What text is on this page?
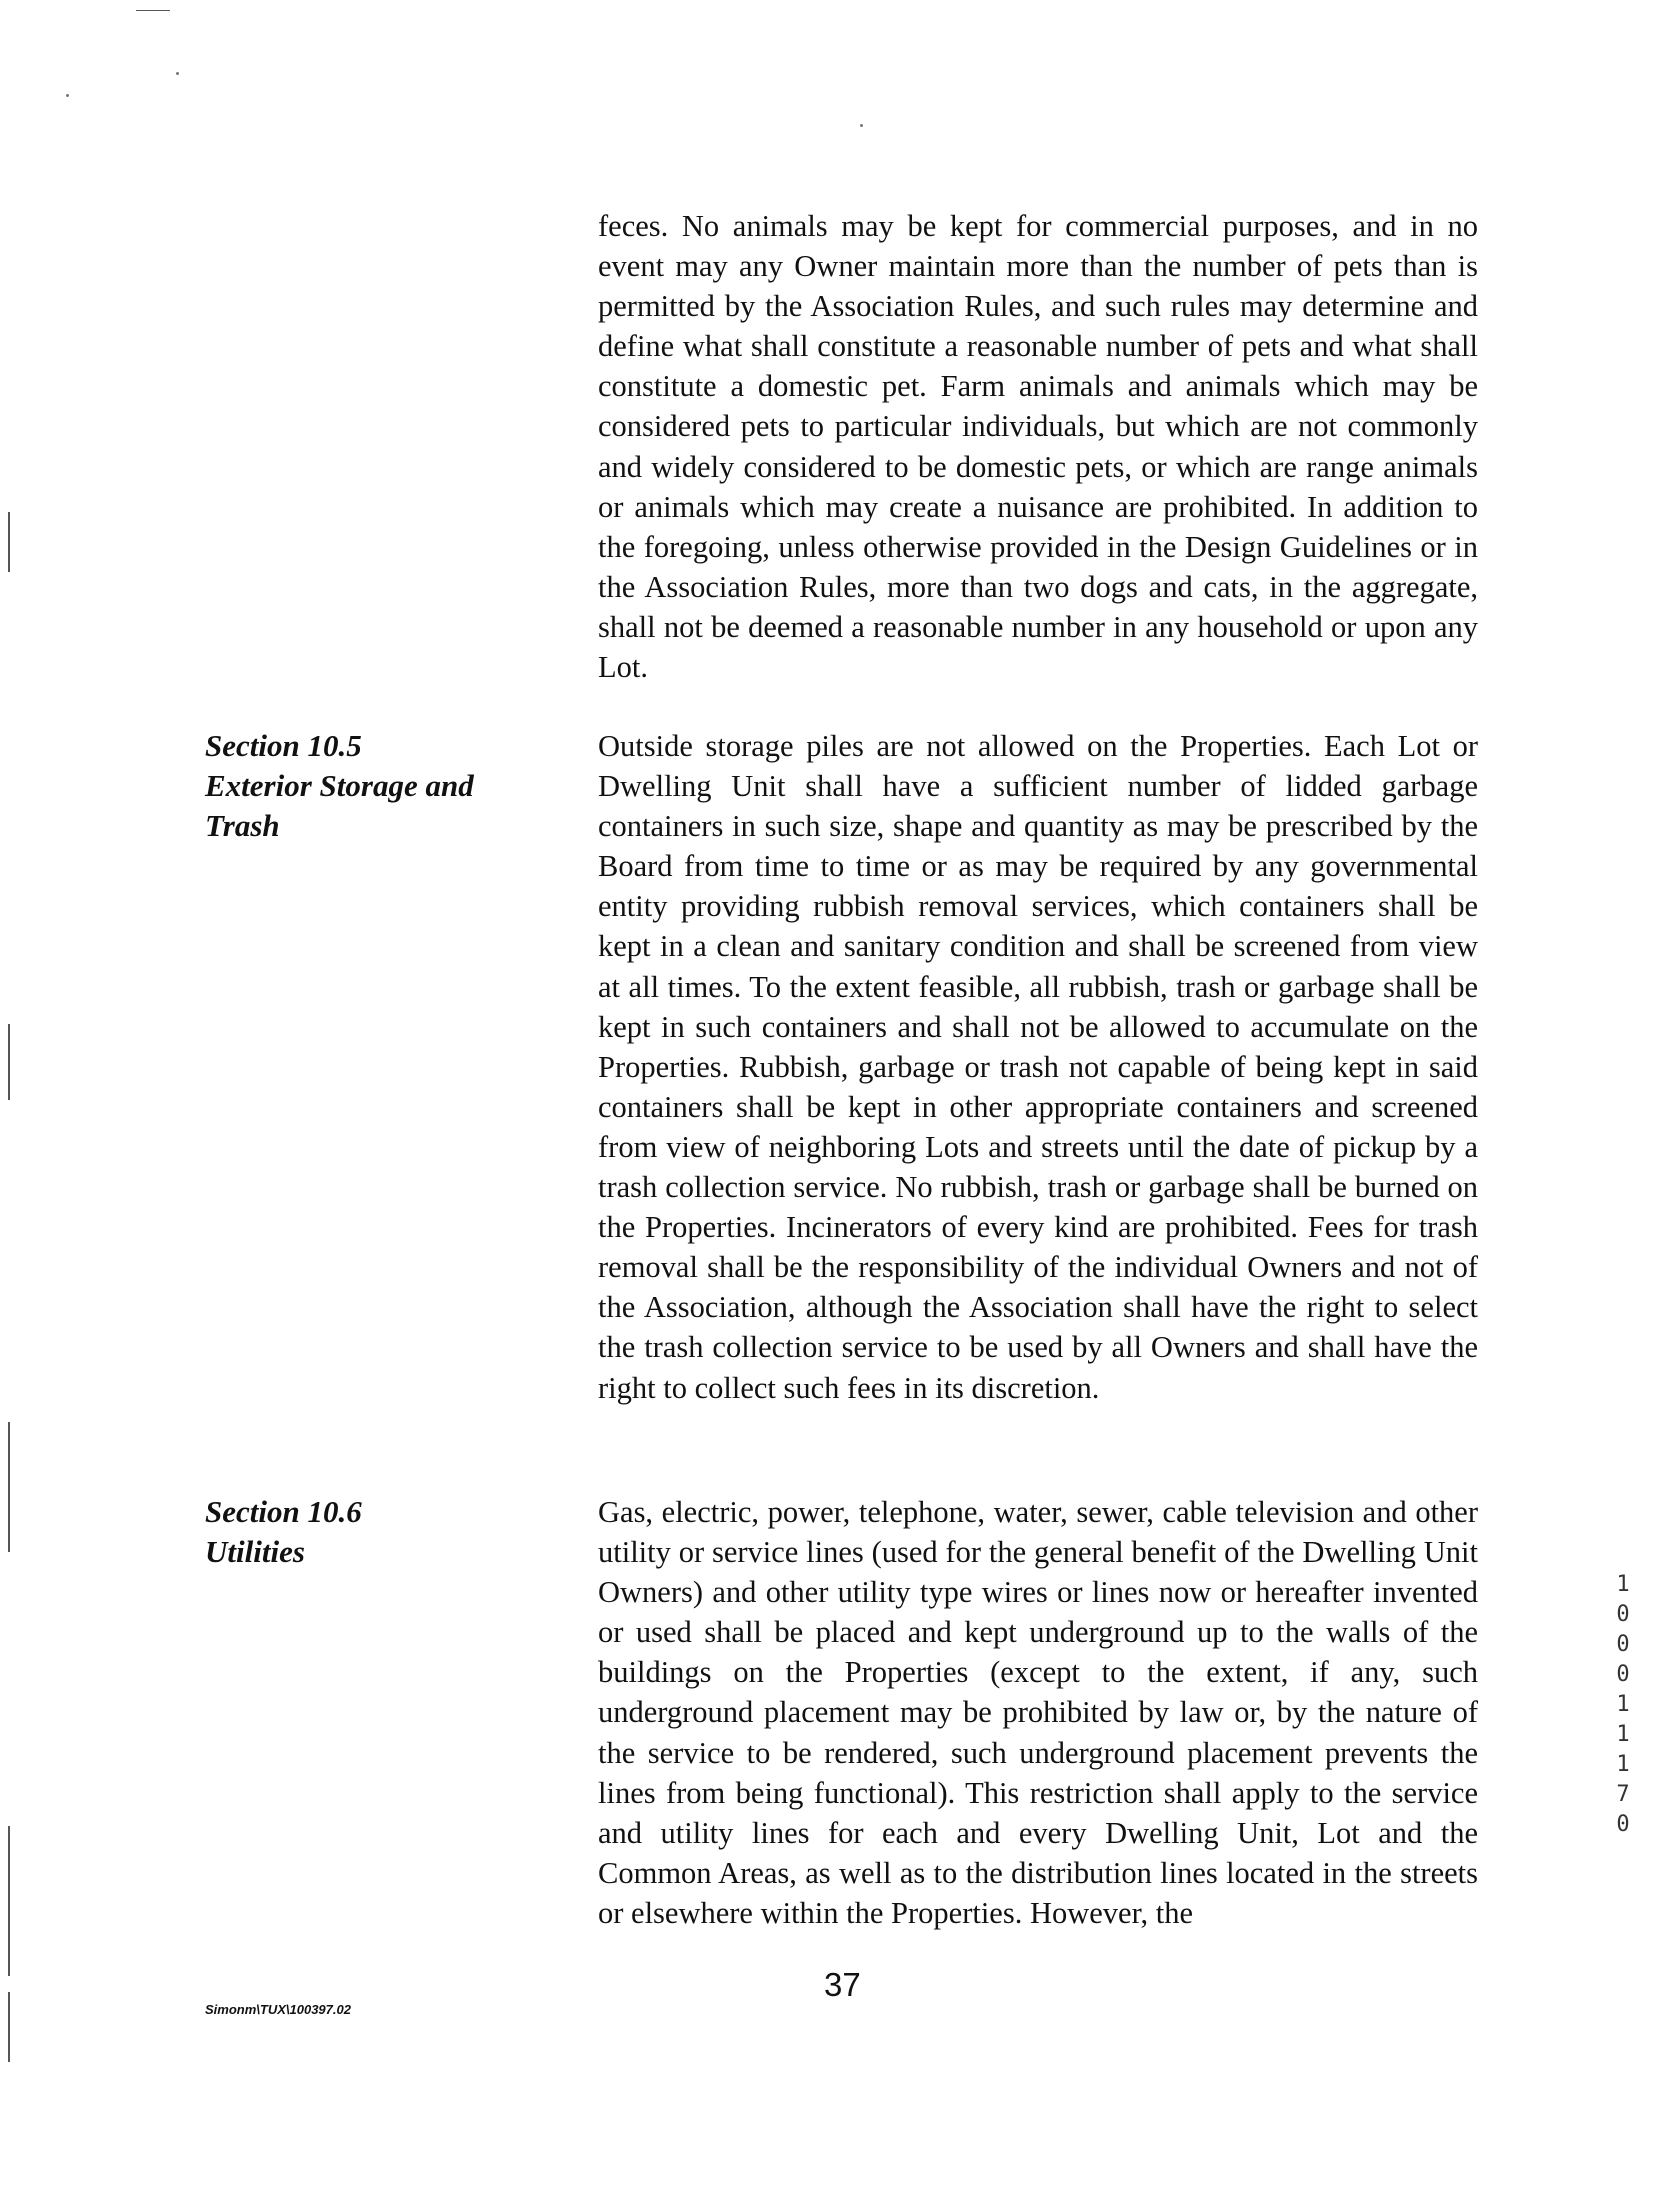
feces. No animals may be kept for commercial purposes, and in no event may any Owner maintain more than the number of pets than is permitted by the Association Rules, and such rules may determine and define what shall constitute a reasonable number of pets and what shall constitute a domestic pet. Farm animals and animals which may be considered pets to particular individuals, but which are not commonly and widely considered to be domestic pets, or which are range animals or animals which may create a nuisance are prohibited. In addition to the foregoing, unless otherwise provided in the Design Guidelines or in the Association Rules, more than two dogs and cats, in the aggregate, shall not be deemed a reasonable number in any household or upon any Lot.

Section 10.5
Exterior Storage and
Trash

Outside storage piles are not allowed on the Properties. Each Lot or Dwelling Unit shall have a sufficient number of lidded garbage containers in such size, shape and quantity as may be prescribed by the Board from time to time or as may be required by any governmental entity providing rubbish removal services, which containers shall be kept in a clean and sanitary condition and shall be screened from view at all times. To the extent feasible, all rubbish, trash or garbage shall be kept in such containers and shall not be allowed to accumulate on the Properties. Rubbish, garbage or trash not capable of being kept in said containers shall be kept in other appropriate containers and screened from view of neighboring Lots and streets until the date of pickup by a trash collection service. No rubbish, trash or garbage shall be burned on the Properties. Incinerators of every kind are prohibited. Fees for trash removal shall be the responsibility of the individual Owners and not of the Association, although the Association shall have the right to select the trash collection service to be used by all Owners and shall have the right to collect such fees in its discretion.

Section 10.6
Utilities

Gas, electric, power, telephone, water, sewer, cable television and other utility or service lines (used for the general benefit of the Dwelling Unit Owners) and other utility type wires or lines now or hereafter invented or used shall be placed and kept underground up to the walls of the buildings on the Properties (except to the extent, if any, such underground placement may be prohibited by law or, by the nature of the service to be rendered, such underground placement prevents the lines from being functional). This restriction shall apply to the service and utility lines for each and every Dwelling Unit, Lot and the Common Areas, as well as to the distribution lines located in the streets or elsewhere within the Properties. However, the

Simonm\TUX\100397.02
37
1 0 0 0 1 1 1 7 0
